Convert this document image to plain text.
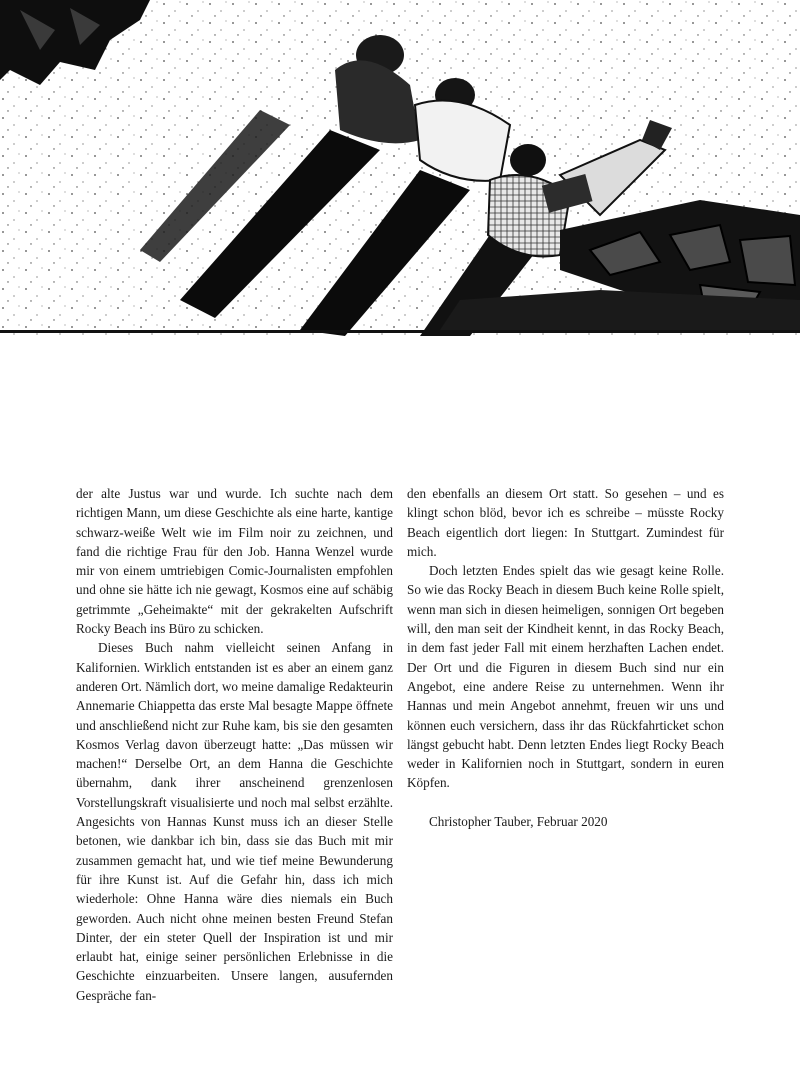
der alte Justus war und wurde. Ich suchte nach dem richtigen Mann, um diese Geschichte als eine harte, kantige schwarz-weiße Welt wie im Film noir zu zeichnen, und fand die richtige Frau für den Job. Hanna Wenzel wurde mir von einem umtriebigen Comic-Journalisten empfohlen und ohne sie hätte ich nie gewagt, Kosmos eine auf schäbig getrimmte „Geheimakte“ mit der gekrakelten Aufschrift Rocky Beach ins Büro zu schicken.

Dieses Buch nahm vielleicht seinen Anfang in Kalifornien. Wirklich entstanden ist es aber an einem ganz anderen Ort. Nämlich dort, wo meine damalige Redakteurin Annemarie Chiappetta das erste Mal besagte Mappe öffnete und anschließend nicht zur Ruhe kam, bis sie den gesamten Kosmos Verlag davon überzeugt hatte: „Das müssen wir machen!“ Derselbe Ort, an dem Hanna die Geschichte übernahm, dank ihrer anscheinend grenzenlosen Vorstellungskraft visualisierte und noch mal selbst erzählte. Angesichts von Hannas Kunst muss ich an dieser Stelle betonen, wie dankbar ich bin, dass sie das Buch mit mir zusammen gemacht hat, und wie tief meine Bewunderung für ihre Kunst ist. Auf die Gefahr hin, dass ich mich wiederhole: Ohne Hanna wäre dies niemals ein Buch geworden. Auch nicht ohne meinen besten Freund Stefan Dinter, der ein steter Quell der Inspiration ist und mir erlaubt hat, einige seiner persönlichen Erlebnisse in die Geschichte einzuarbeiten. Unsere langen, ausufernden Gespräche fan-

den ebenfalls an diesem Ort statt. So gesehen – und es klingt schon blöd, bevor ich es schreibe – müsste Rocky Beach eigentlich dort liegen: In Stuttgart. Zumindest für mich.

Doch letzten Endes spielt das wie gesagt keine Rolle. So wie das Rocky Beach in diesem Buch keine Rolle spielt, wenn man sich in diesen heimeligen, sonnigen Ort begeben will, den man seit der Kindheit kennt, in das Rocky Beach, in dem fast jeder Fall mit einem herzhaften Lachen endet. Der Ort und die Figuren in diesem Buch sind nur ein Angebot, eine andere Reise zu unternehmen. Wenn ihr Hannas und mein Angebot annehmt, freuen wir uns und können euch versichern, dass ihr das Rückfahrticket schon längst gebucht habt. Denn letzten Endes liegt Rocky Beach weder in Kalifornien noch in Stuttgart, sondern in euren Köpfen.

Christopher Tauber, Februar 2020
